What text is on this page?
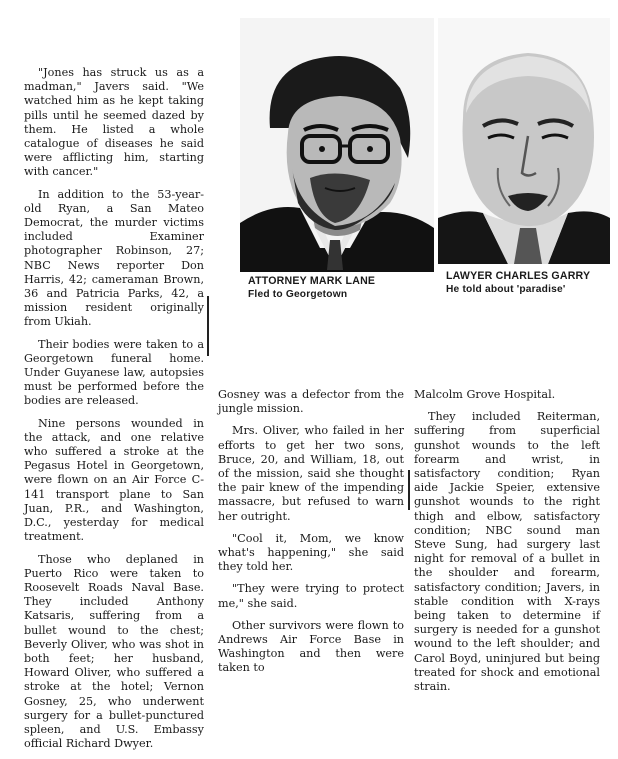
"Jones has struck us as a madman," Javers said. "We watched him as he kept taking pills until he seemed dazed by them. He listed a whole catalogue of diseases he said were afflicting him, starting with cancer."

In addition to the 53-year-old Ryan, a San Mateo Democrat, the murder victims included Examiner photographer Robinson, 27; NBC News reporter Don Harris, 42; cameraman Brown, 36 and Patricia Parks, 42, a mission resident originally from Ukiah.

Their bodies were taken to a Georgetown funeral home. Under Guyanese law, autopsies must be performed before the bodies are released.

Nine persons wounded in the attack, and one relative who suffered a stroke at the Pegasus Hotel in Georgetown, were flown on an Air Force C-141 transport plane to San Juan, P.R., and Washington, D.C., yesterday for medical treatment.

Those who deplaned in Puerto Rico were taken to Roosevelt Roads Naval Base. They included Anthony Katsaris, suffering from a bullet wound to the chest; Beverly Oliver, who was shot in both feet; her husband, Howard Oliver, who suffered a stroke at the hotel; Vernon Gosney, 25, who underwent surgery for a bullet-punctured spleen, and U.S. Embassy official Richard Dwyer.

ATTORNEY MARK LANE
Fled to Georgetown
LAWYER CHARLES GARRY
He told about 'paradise'

Gosney was a defector from the jungle mission.

Mrs. Oliver, who failed in her efforts to get her two sons, Bruce, 20, and William, 18, out of the mission, said she thought the pair knew of the impending massacre, but refused to warn her outright.

"Cool it, Mom, we know what's happening," she said they told her.

"They were trying to protect me," she said.

Other survivors were flown to Andrews Air Force Base in Washington and then were taken to

Malcolm Grove Hospital.

They included Reiterman, suffering from superficial gunshot wounds to the left forearm and wrist, in satisfactory condition; Ryan aide Jackie Speier, extensive gunshot wounds to the right thigh and elbow, satisfactory condition; NBC sound man Steve Sung, had surgery last night for removal of a bullet in the shoulder and forearm, satisfactory condition; Javers, in stable condition with X-rays being taken to determine if surgery is needed for a gunshot wound to the left shoulder; and Carol Boyd, uninjured but being treated for shock and emotional strain.
